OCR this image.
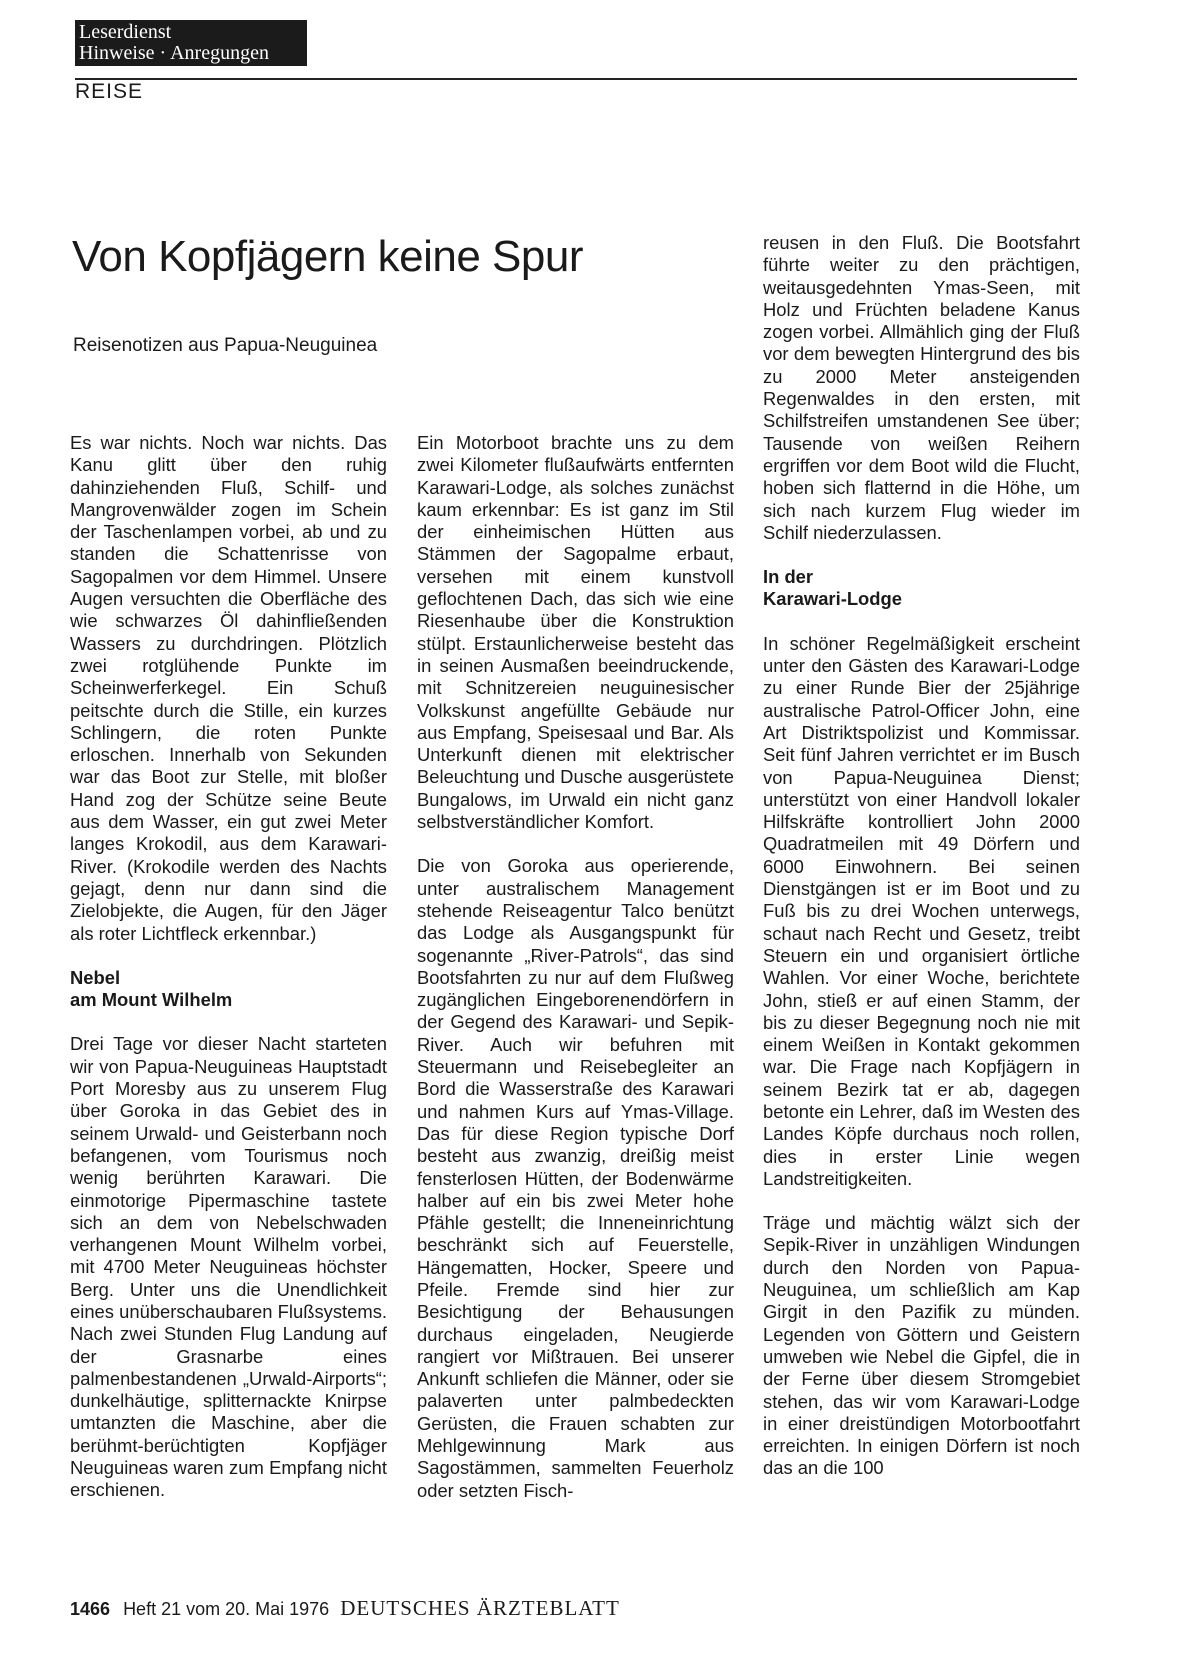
Leserdienst
Hinweise · Anregungen
REISE
Von Kopfjägern keine Spur
Reisenotizen aus Papua-Neuguinea

Es war nichts. Noch war nichts. Das Kanu glitt über den ruhig dahinziehenden Fluß, Schilf- und Mangrovenwälder zogen im Schein der Taschenlampen vorbei, ab und zu standen die Schattenrisse von Sagopalmen vor dem Himmel. Unsere Augen versuchten die Oberfläche des wie schwarzes Öl dahinfließenden Wassers zu durchdringen. Plötzlich zwei rotglühende Punkte im Scheinwerferkegel. Ein Schuß peitschte durch die Stille, ein kurzes Schlingern, die roten Punkte erloschen. Innerhalb von Sekunden war das Boot zur Stelle, mit bloßer Hand zog der Schütze seine Beute aus dem Wasser, ein gut zwei Meter langes Krokodil, aus dem Karawari-River. (Krokodile werden des Nachts gejagt, denn nur dann sind die Zielobjekte, die Augen, für den Jäger als roter Lichtfleck erkennbar.)

Nebel
am Mount Wilhelm

Drei Tage vor dieser Nacht starteten wir von Papua-Neuguineas Hauptstadt Port Moresby aus zu unserem Flug über Goroka in das Gebiet des in seinem Urwald- und Geisterbann noch befangenen, vom Tourismus noch wenig berührten Karawari. Die einmotorige Pipermaschine tastete sich an dem von Nebelschwaden verhangenen Mount Wilhelm vorbei, mit 4700 Meter Neuguineas höchster Berg. Unter uns die Unendlichkeit eines unüberschaubaren Flußsystems. Nach zwei Stunden Flug Landung auf der Grasnarbe eines palmenbestandenen „Urwald-Airports“; dunkelhäutige, splitternackte Knirpse umtanzten die Maschine, aber die berühmt-berüchtigten Kopfjäger Neuguineas waren zum Empfang nicht erschienen.

Ein Motorboot brachte uns zu dem zwei Kilometer flußaufwärts entfernten Karawari-Lodge, als solches zunächst kaum erkennbar: Es ist ganz im Stil der einheimischen Hütten aus Stämmen der Sagopalme erbaut, versehen mit einem kunstvoll geflochtenen Dach, das sich wie eine Riesenhaube über die Konstruktion stülpt. Erstaunlicherweise besteht das in seinen Ausmaßen beeindruckende, mit Schnitzereien neuguinesischer Volkskunst angefüllte Gebäude nur aus Empfang, Speisesaal und Bar. Als Unterkunft dienen mit elektrischer Beleuchtung und Dusche ausgerüstete Bungalows, im Urwald ein nicht ganz selbstverständlicher Komfort.

Die von Goroka aus operierende, unter australischem Management stehende Reiseagentur Talco benützt das Lodge als Ausgangspunkt für sogenannte „River-Patrols“, das sind Bootsfahrten zu nur auf dem Flußweg zugänglichen Eingeborenendörfern in der Gegend des Karawari- und Sepik-River. Auch wir befuhren mit Steuermann und Reisebegleiter an Bord die Wasserstraße des Karawari und nahmen Kurs auf Ymas-Village. Das für diese Region typische Dorf besteht aus zwanzig, dreißig meist fensterlosen Hütten, der Bodenwärme halber auf ein bis zwei Meter hohe Pfähle gestellt; die Inneneinrichtung beschränkt sich auf Feuerstelle, Hängematten, Hocker, Speere und Pfeile. Fremde sind hier zur Besichtigung der Behausungen durchaus eingeladen, Neugierde rangiert vor Mißtrauen. Bei unserer Ankunft schliefen die Männer, oder sie palaverten unter palmbedeckten Gerüsten, die Frauen schabten zur Mehlgewinnung Mark aus Sagostämmen, sammelten Feuerholz oder setzten Fisch-

reusen in den Fluß. Die Bootsfahrt führte weiter zu den prächtigen, weitausgedehnten Ymas-Seen, mit Holz und Früchten beladene Kanus zogen vorbei. Allmählich ging der Fluß vor dem bewegten Hintergrund des bis zu 2000 Meter ansteigenden Regenwaldes in den ersten, mit Schilfstreifen umstandenen See über; Tausende von weißen Reihern ergriffen vor dem Boot wild die Flucht, hoben sich flatternd in die Höhe, um sich nach kurzem Flug wieder im Schilf niederzulassen.

In der
Karawari-Lodge

In schöner Regelmäßigkeit erscheint unter den Gästen des Karawari-Lodge zu einer Runde Bier der 25jährige australische Patrol-Officer John, eine Art Distriktspolizist und Kommissar. Seit fünf Jahren verrichtet er im Busch von Papua-Neuguinea Dienst; unterstützt von einer Handvoll lokaler Hilfskräfte kontrolliert John 2000 Quadratmeilen mit 49 Dörfern und 6000 Einwohnern. Bei seinen Dienstgängen ist er im Boot und zu Fuß bis zu drei Wochen unterwegs, schaut nach Recht und Gesetz, treibt Steuern ein und organisiert örtliche Wahlen. Vor einer Woche, berichtete John, stieß er auf einen Stamm, der bis zu dieser Begegnung noch nie mit einem Weißen in Kontakt gekommen war. Die Frage nach Kopfjägern in seinem Bezirk tat er ab, dagegen betonte ein Lehrer, daß im Westen des Landes Köpfe durchaus noch rollen, dies in erster Linie wegen Landstreitigkeiten.

Träge und mächtig wälzt sich der Sepik-River in unzähligen Windungen durch den Norden von Papua-Neuguinea, um schließlich am Kap Girgit in den Pazifik zu münden. Legenden von Göttern und Geistern umweben wie Nebel die Gipfel, die in der Ferne über diesem Stromgebiet stehen, das wir vom Karawari-Lodge in einer dreistündigen Motorbootfahrt erreichten. In einigen Dörfern ist noch das an die 100

1466 Heft 21 vom 20. Mai 1976 DEUTSCHES ÄRZTEBLATT
